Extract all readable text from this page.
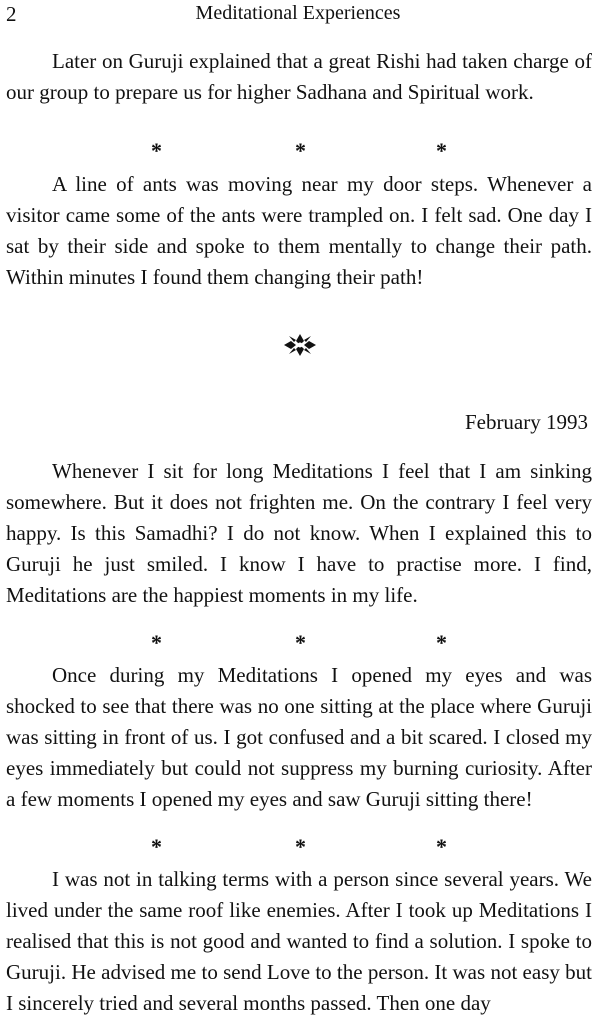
2	Meditational Experiences

Later on Guruji explained that a great Rishi had taken charge of our group to prepare us for higher Sadhana and Spiritual work.

*	*	*

A line of ants was moving near my door steps. Whenever a visitor came some of the ants were trampled on. I felt sad. One day I sat by their side and spoke to them mentally to change their path. Within minutes I found them changing their path!

February 1993

Whenever I sit for long Meditations I feel that I am sinking somewhere. But it does not frighten me. On the contrary I feel very happy. Is this Samadhi? I do not know. When I explained this to Guruji he just smiled. I know I have to practise more. I find, Meditations are the happiest moments in my life.

*	*	*

Once during my Meditations I opened my eyes and was shocked to see that there was no one sitting at the place where Guruji was sitting in front of us. I got confused and a bit scared. I closed my eyes immediately but could not suppress my burning curiosity. After a few moments I opened my eyes and saw Guruji sitting there!

*	*	*

I was not in talking terms with a person since several years. We lived under the same roof like enemies. After I took up Meditations I realised that this is not good and wanted to find a solution. I spoke to Guruji. He advised me to send Love to the person. It was not easy but I sincerely tried and several months passed. Then one day
